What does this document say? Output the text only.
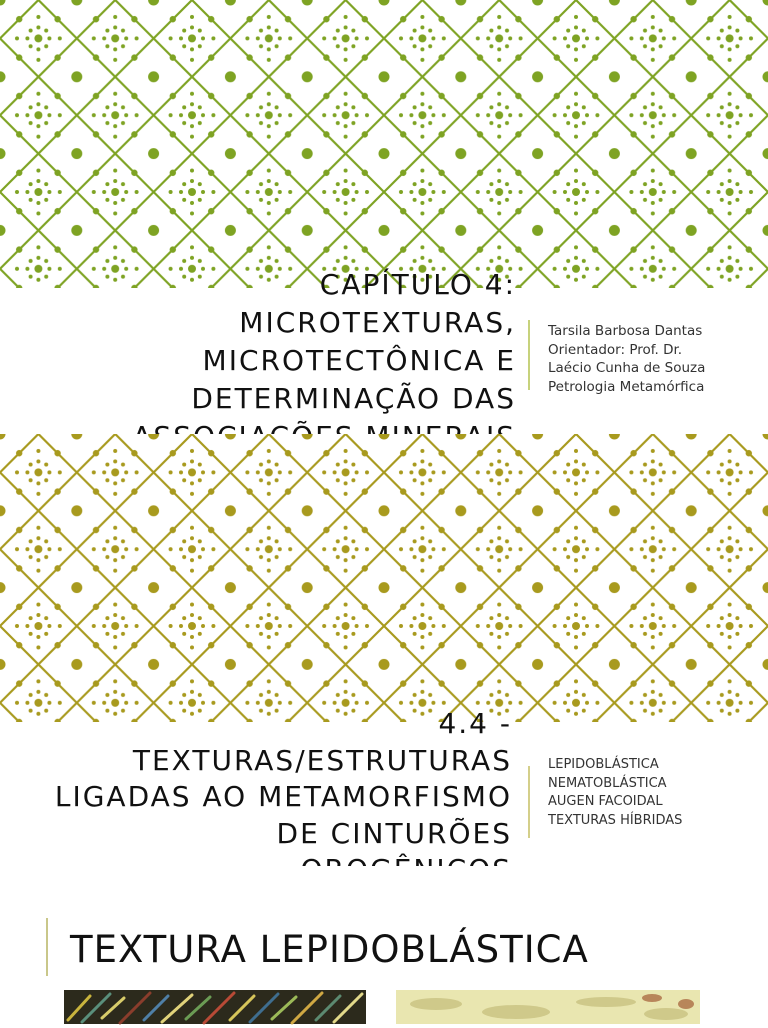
CAPÍTULO 4:
MICROTEXTURAS,
MICROTECTÔNICA E
DETERMINAÇÃO DAS
Tarsila Barbosa Dantas
Orientador: Prof. Dr.
Laécio Cunha de Souza
Petrologia Metamórfica
4.4 -
TEXTURAS/ESTRUTURAS
LIGADAS AO METAMORFISMO
DE CINTURÕES
LEPIDOBLÁSTICA
NEMATOBLÁSTICA
AUGEN FACOIDAL
TEXTURAS HÍBRIDAS
TEXTURA LEPIDOBLÁSTICA
